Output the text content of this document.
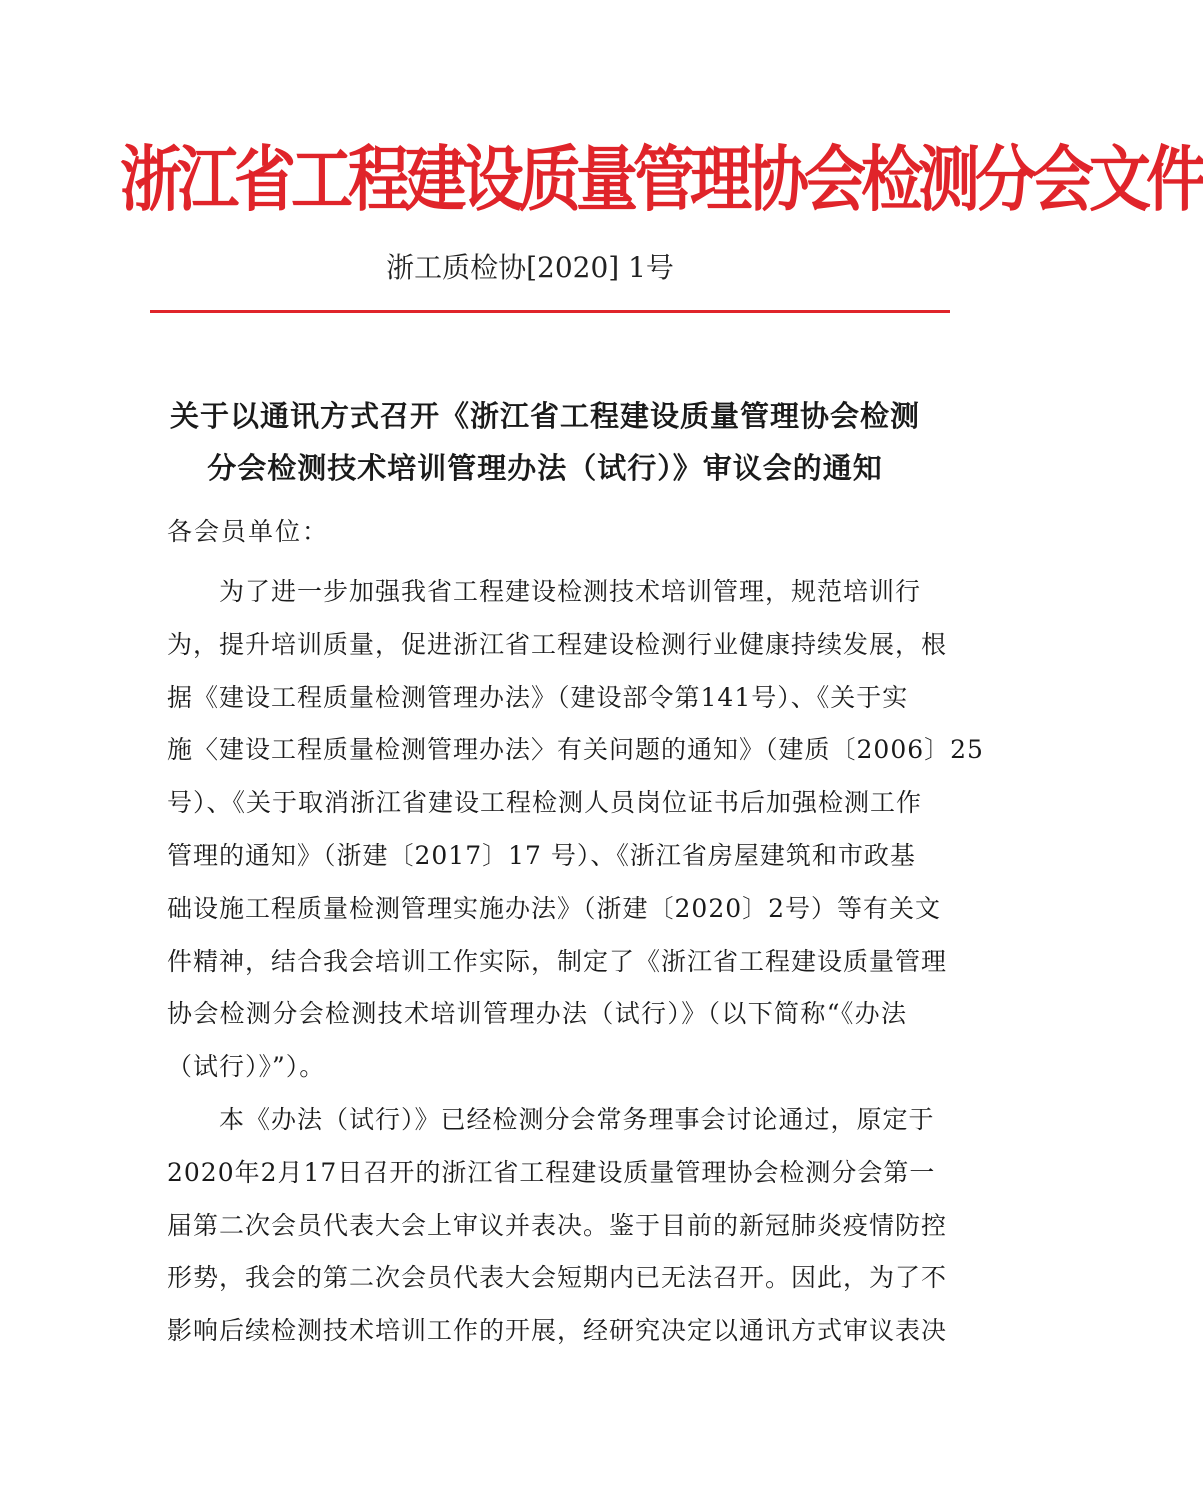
浙江省工程建设质量管理协会检测分会文件
浙工质检协[2020] 1号
关于以通讯方式召开《浙江省工程建设质量管理协会检测
分会检测技术培训管理办法（试行）》审议会的通知
各会员单位：
　　为了进一步加强我省工程建设检测技术培训管理，规范培训行
为，提升培训质量，促进浙江省工程建设检测行业健康持续发展，根
据《建设工程质量检测管理办法》（建设部令第141号）、《关于实
施〈建设工程质量检测管理办法〉有关问题的通知》（建质〔2006〕25
号）、《关于取消浙江省建设工程检测人员岗位证书后加强检测工作
管理的通知》（浙建〔2017〕17 号）、《浙江省房屋建筑和市政基
础设施工程质量检测管理实施办法》（浙建〔2020〕2号）等有关文
件精神，结合我会培训工作实际，制定了《浙江省工程建设质量管理
协会检测分会检测技术培训管理办法（试行）》（以下简称“《办法
（试行）》”）。
　　本《办法（试行）》已经检测分会常务理事会讨论通过，原定于
2020年2月17日召开的浙江省工程建设质量管理协会检测分会第一
届第二次会员代表大会上审议并表决。鉴于目前的新冠肺炎疫情防控
形势，我会的第二次会员代表大会短期内已无法召开。因此，为了不
影响后续检测技术培训工作的开展，经研究决定以通讯方式审议表决
